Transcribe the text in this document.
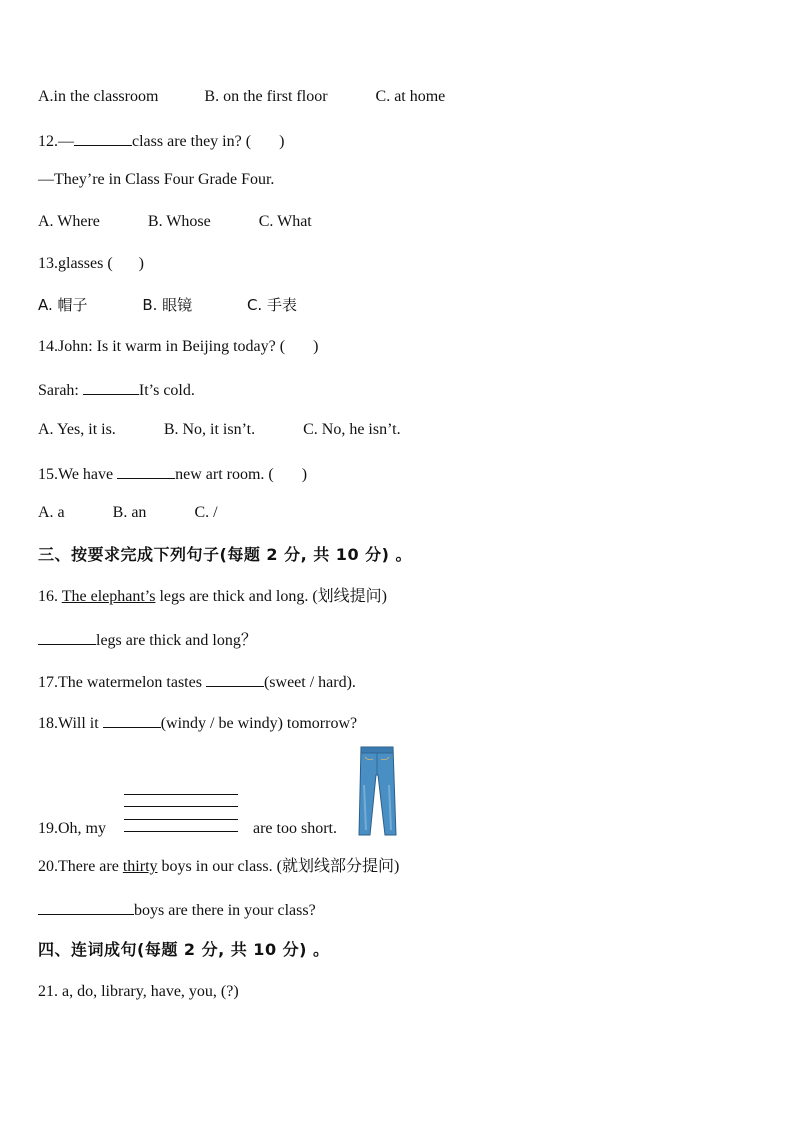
A.in the classroom	B. on the first floor	C. at home
12.—	class are they in? ( )
—They’re in Class Four Grade Four.
A. Where	B. Whose	C. What
13.glasses ( )
A. 帽子	B. 眼镜	C. 手表
14.John: Is it warm in Beijing today? ( )
Sarah:	It’s cold.
A. Yes, it is.	B. No, it isn’t.	C. No, he isn’t.
15.We have	new art room. ( )
A. a	B. an	C. /
三、按要求完成下列句子(每题 2 分, 共 10 分) 。
16. The elephant’s legs are thick and long. (划线提问)
legs are thick and long？
17.The watermelon tastes	(sweet / hard).
18.Will it	(windy / be windy) tomorrow?
19.Oh, my	are too short.
20.There are thirty boys in our class. (就划线部分提问)
boys are there in your class?
四、连词成句(每题 2 分, 共 10 分) 。
21. a, do, library, have, you, (?)
